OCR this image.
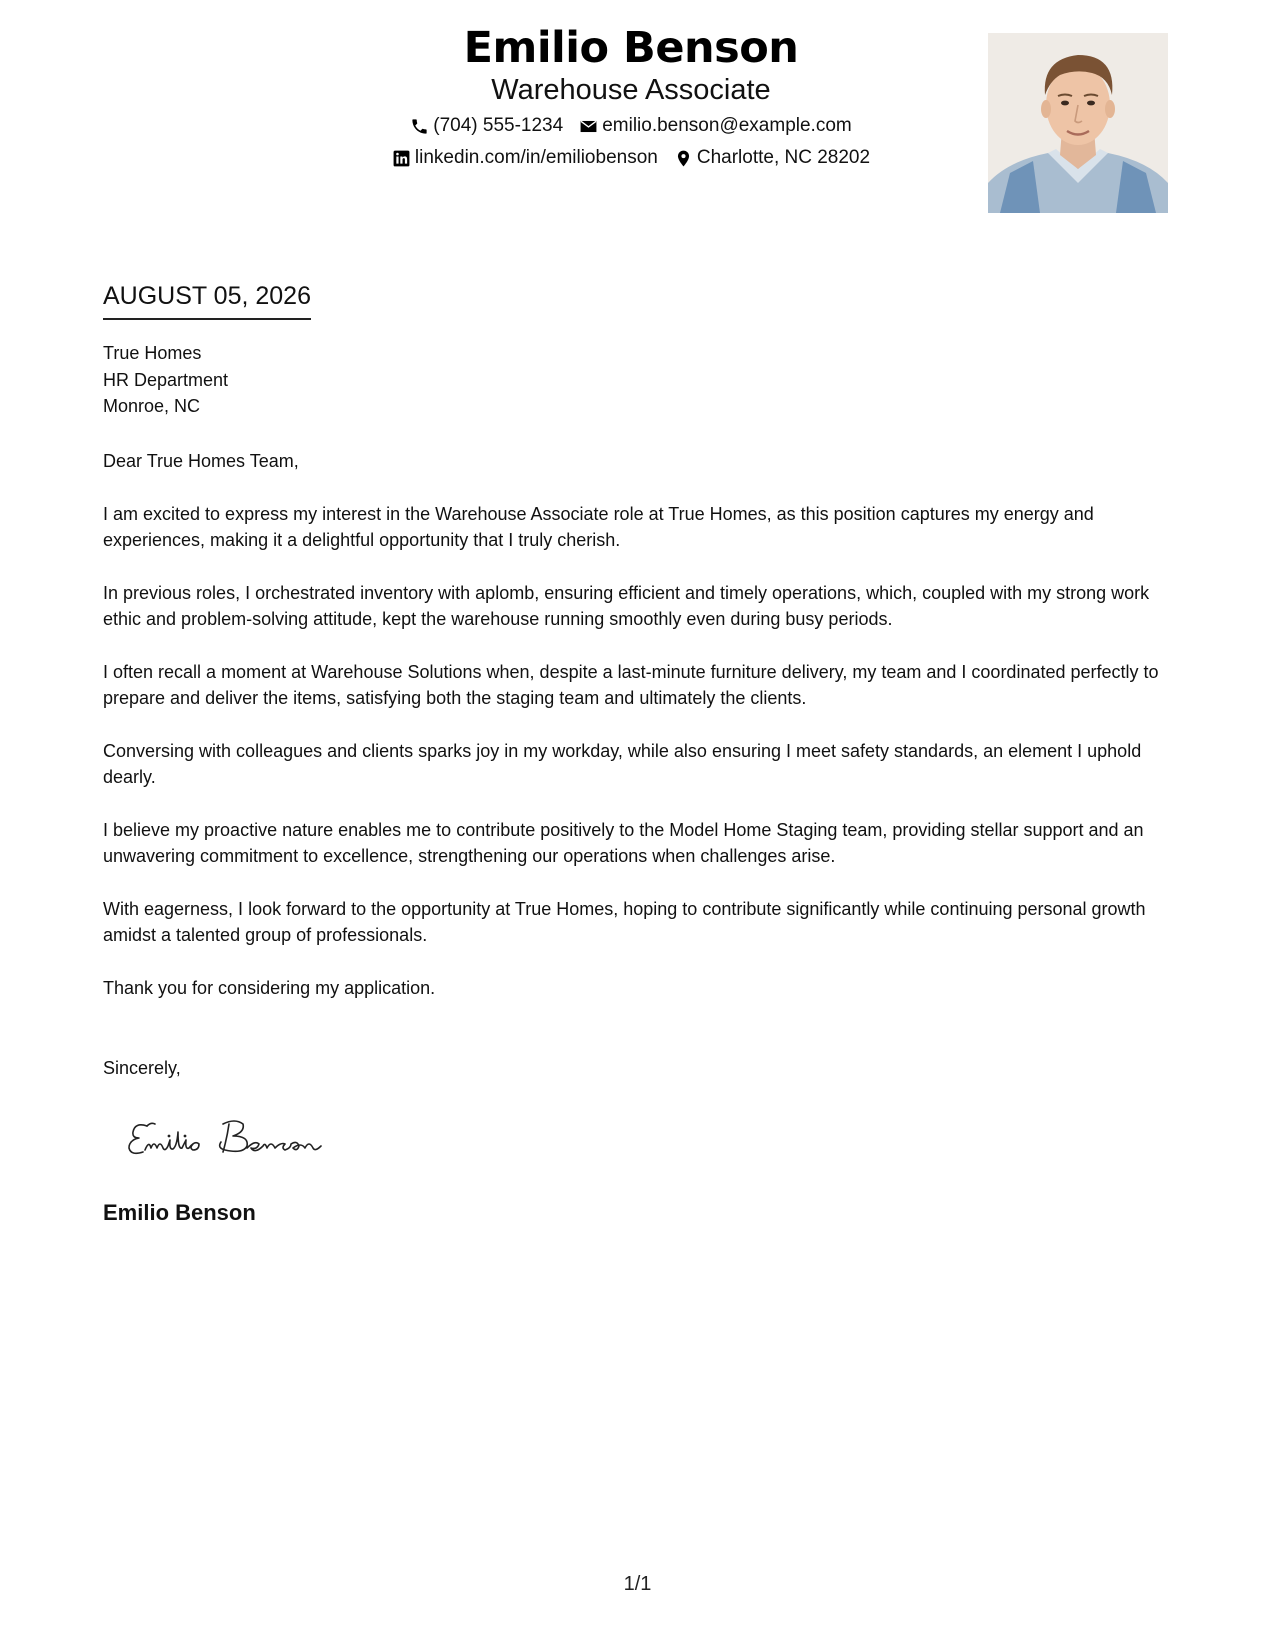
Emilio Benson
Warehouse Associate
(704) 555-1234 emilio.benson@example.com
linkedin.com/in/emiliobenson Charlotte, NC 28202
AUGUST 05, 2026
True Homes
HR Department
Monroe, NC

Dear True Homes Team,

I am excited to express my interest in the Warehouse Associate role at True Homes, as this position captures my energy and experiences, making it a delightful opportunity that I truly cherish.

In previous roles, I orchestrated inventory with aplomb, ensuring efficient and timely operations, which, coupled with my strong work ethic and problem-solving attitude, kept the warehouse running smoothly even during busy periods.

I often recall a moment at Warehouse Solutions when, despite a last-minute furniture delivery, my team and I coordinated perfectly to prepare and deliver the items, satisfying both the staging team and ultimately the clients.

Conversing with colleagues and clients sparks joy in my workday, while also ensuring I meet safety standards, an element I uphold dearly.

I believe my proactive nature enables me to contribute positively to the Model Home Staging team, providing stellar support and an unwavering commitment to excellence, strengthening our operations when challenges arise.

With eagerness, I look forward to the opportunity at True Homes, hoping to contribute significantly while continuing personal growth amidst a talented group of professionals.

Thank you for considering my application.

Sincerely,
Emilio Benson
1/1
